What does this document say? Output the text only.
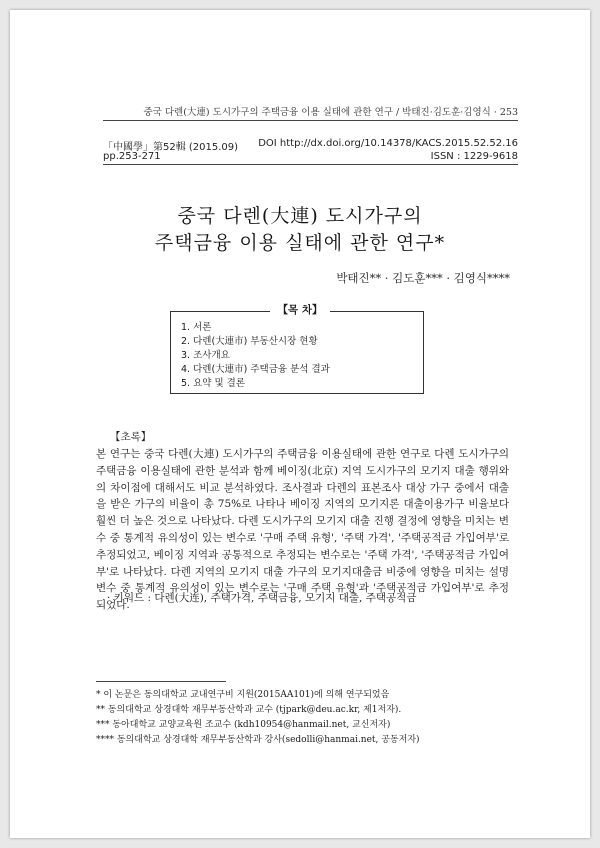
중국 다렌(大連) 도시가구의 주택금융 이용 실태에 관한 연구 / 박태진·김도훈·김영식 · 253
「中國學」第52輯 (2015.09) DOI http://dx.doi.org/10.14378/KACS.2015.52.52.16
pp.253-271	ISSN : 1229-9618
중국 다렌(大連) 도시가구의
주택금융 이용 실태에 관한 연구*
박태진** · 김도훈*** · 김영식****
【목 차】
1. 서론
2. 다렌(大連市) 부동산시장 현황
3. 조사개요
4. 다렌(大連市) 주택금융 분석 결과
5. 요약 및 결론
【초록】

본 연구는 중국 다렌(大連) 도시가구의 주택금융 이용실태에 관한 연구로 다렌 도시가구의 주택금융 이용실태에 관한 분석과 함께 베이징(北京) 지역 도시가구의 모기지 대출 행위와의 차이점에 대해서도 비교 분석하였다. 조사결과 다렌의 표본조사 대상 가구 중에서 대출을 받은 가구의 비율이 총 75%로 나타나 베이징 지역의 모기지론 대출이용가구 비율보다 훨씬 더 높은 것으로 나타났다. 다렌 도시가구의 모기지 대출 진행 결정에 영향을 미치는 변수 중 통계적 유의성이 있는 변수로 '구매 주택 유형', '주택 가격', '주택공적금 가입여부'로 추정되었고, 베이징 지역과 공통적으로 추정되는 변수로는 '주택 가격', '주택공적금 가입여부'로 나타났다. 다렌 지역의 모기지 대출 가구의 모기지대출금 비중에 영향을 미치는 설명변수 중 통계적 유의성이 있는 변수로는 '구매 주택 유형'과 '주택공적금 가입여부'로 추정되었다.

· 키워드 : 다렌(大连), 주택가격, 주택금융, 모기지 대출, 주택공적금
* 이 논문은 동의대학교 교내연구비 지원(2015AA101)에 의해 연구되었음
** 동의대학교 상경대학 재무부동산학과 교수 (tjpark@deu.ac.kr, 제1저자).
*** 동아대학교 교양교육원 조교수 (kdh10954@hanmail.net, 교신저자)
**** 동의대학교 상경대학 재무부동산학과 강사(sedolli@hanmai.net, 공동저자)
